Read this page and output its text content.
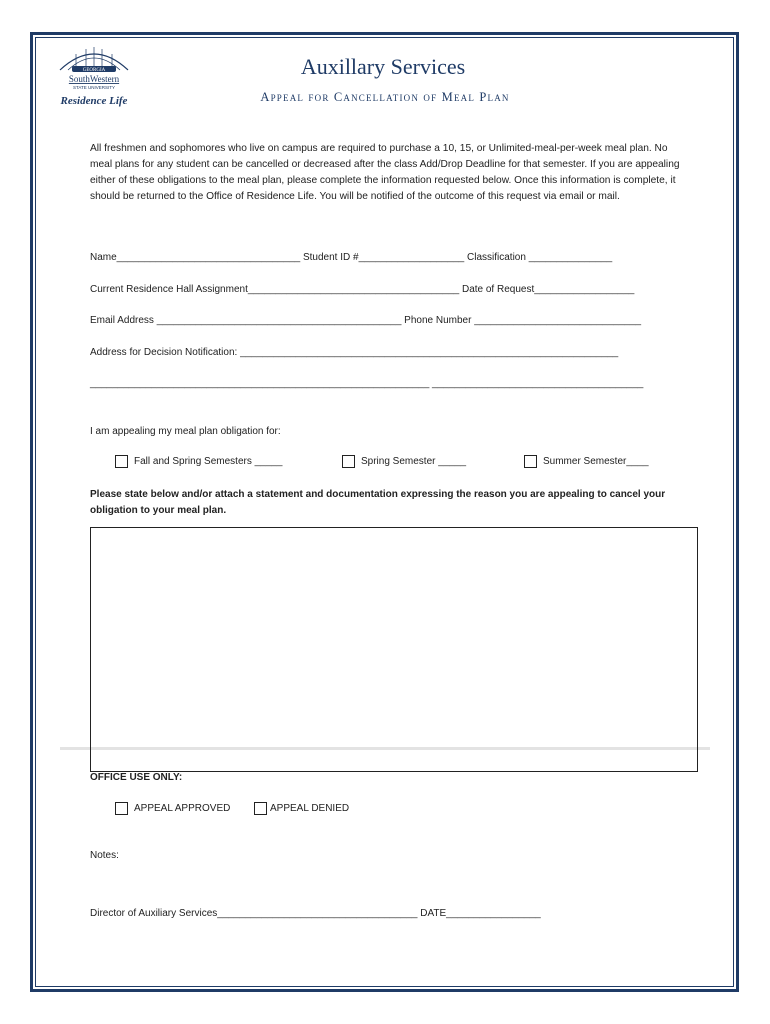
GEORGIA
SouthWestern
STATE UNIVERSITY
Residence Life
Auxillary Services
Appeal for Cancellation of Meal Plan
All freshmen and sophomores who live on campus are required to purchase a 10, 15, or Unlimited-meal-per-week meal plan. No meal plans for any student can be cancelled or decreased after the class Add/Drop Deadline for that semester. If you are appealing either of these obligations to the meal plan, please complete the information requested below. Once this information is complete, it should be returned to the Office of Residence Life. You will be notified of the outcome of this request via email or mail.
Name_________________________________ Student ID #___________________ Classification _______________
Current Residence Hall Assignment______________________________________ Date of Request__________________
Email Address ____________________________________________ Phone Number ______________________________
Address for Decision Notification: ____________________________________________________________________
_____________________________________________________________ ______________________________________
I am appealing my meal plan obligation for:
Fall and Spring Semesters _____	Spring Semester _____	Summer Semester____
Please state below and/or attach a statement and documentation expressing the reason you are appealing to cancel your obligation to your meal plan.
OFFICE USE ONLY:
APPEAL APPROVED	APPEAL DENIED
Notes:
Director of Auxiliary Services____________________________________ DATE_________________
